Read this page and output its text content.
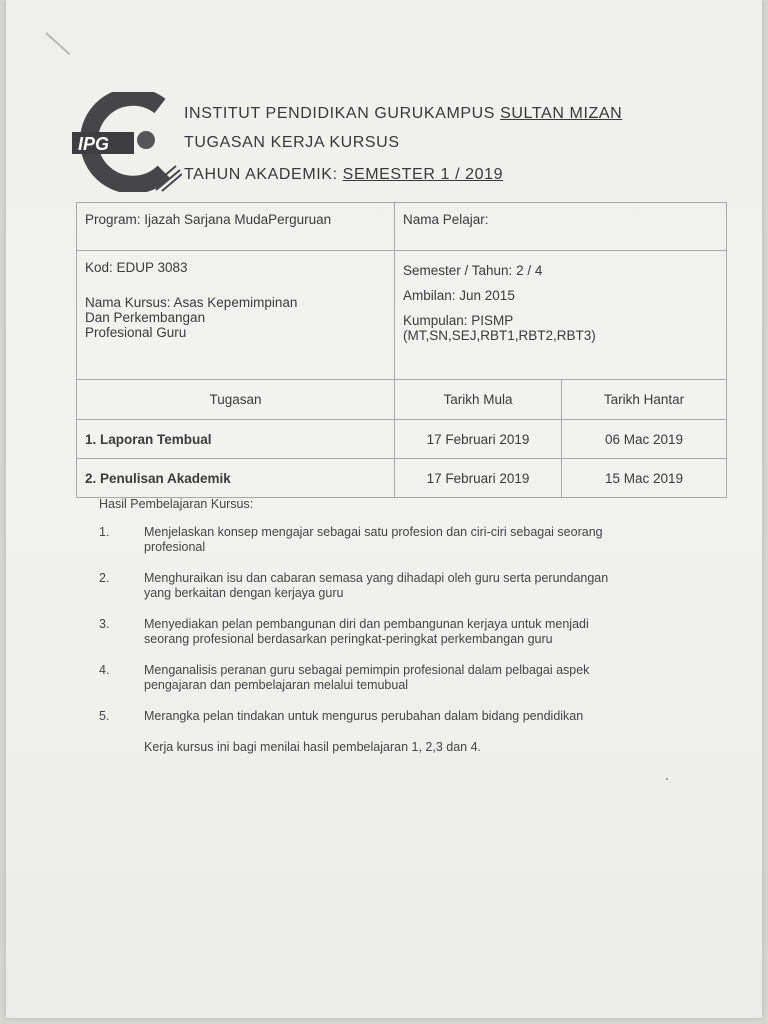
IPG
INSTITUT PENDIDIKAN GURUKAMPUS SULTAN MIZAN
TUGASAN KERJA KURSUS
TAHUN AKADEMIK: SEMESTER 1 / 2019
Program: Ijazah Sarjana MudaPerguruan	Nama Pelajar:	

Kod: EDUP 3083
Nama Kursus: Asas Kepemimpinan
Dan Perkembangan
Profesional Guru	Semester / Tahun: 2 / 4
Ambilan: Jun 2015
Kumpulan: PISMP
(MT,SN,SEJ,RBT1,RBT2,RBT3)	

Tugasan	Tarikh Mula	Tarikh Hantar
1. Laporan Tembual	17 Februari 2019	06 Mac 2019
2. Penulisan Akademik	17 Februari 2019	15 Mac 2019
Hasil Pembelajaran Kursus:
1.	Menjelaskan konsep mengajar sebagai satu profesion dan ciri-ciri sebagai seorang
profesional
2.	Menghuraikan isu dan cabaran semasa yang dihadapi oleh guru serta perundangan
yang berkaitan dengan kerjaya guru
3.	Menyediakan pelan pembangunan diri dan pembangunan kerjaya untuk menjadi
seorang profesional berdasarkan peringkat-peringkat perkembangan guru
4.	Menganalisis peranan guru sebagai pemimpin profesional dalam pelbagai aspek
pengajaran dan pembelajaran melalui temubual
5.	Merangka pelan tindakan untuk mengurus perubahan dalam bidang pendidikan
Kerja kursus ini bagi menilai hasil pembelajaran 1, 2,3 dan 4.
